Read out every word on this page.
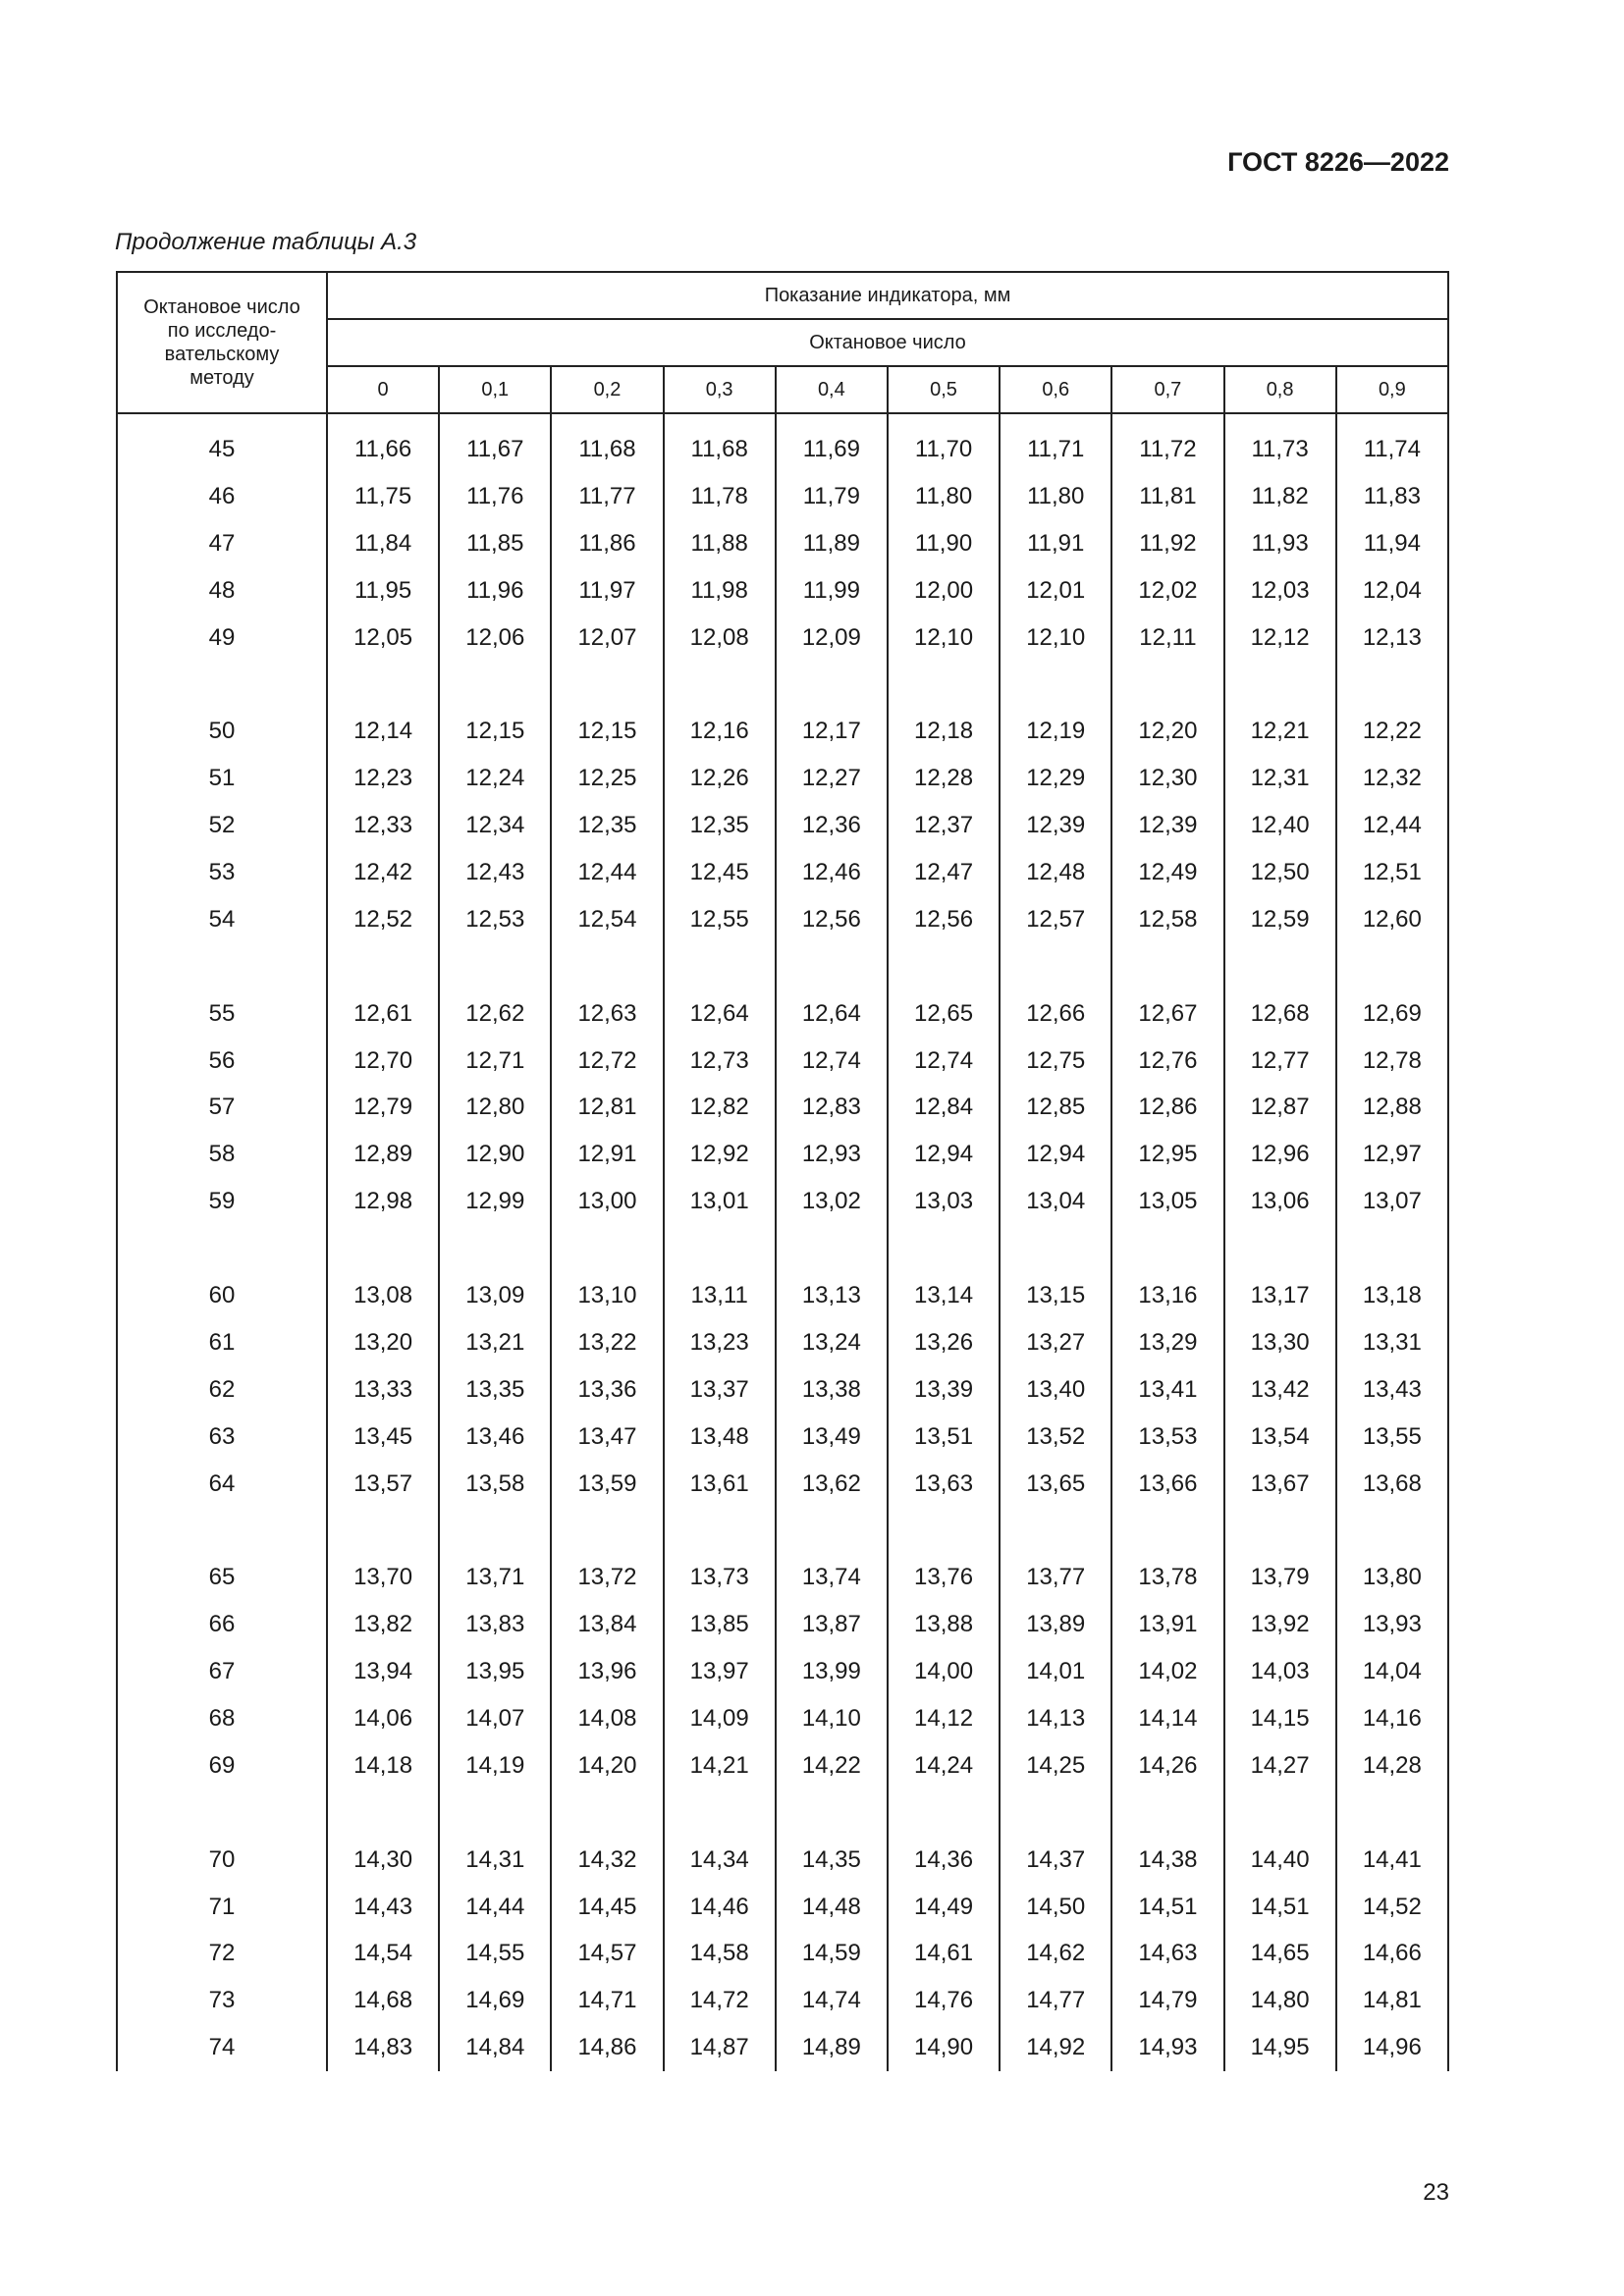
ГОСТ 8226—2022
Продолжение таблицы А.3
Октановое число
по исследо-
вательскому
методу	Показание индикатора, мм									
	Октановое число									
	0	0,1	0,2	0,3	0,4	0,5	0,6	0,7	0,8	0,9
45	11,66	11,67	11,68	11,68	11,69	11,70	11,71	11,72	11,73	11,74
46	11,75	11,76	11,77	11,78	11,79	11,80	11,80	11,81	11,82	11,83
47	11,84	11,85	11,86	11,88	11,89	11,90	11,91	11,92	11,93	11,94
48	11,95	11,96	11,97	11,98	11,99	12,00	12,01	12,02	12,03	12,04
49	12,05	12,06	12,07	12,08	12,09	12,10	12,10	12,11	12,12	12,13

50	12,14	12,15	12,15	12,16	12,17	12,18	12,19	12,20	12,21	12,22
51	12,23	12,24	12,25	12,26	12,27	12,28	12,29	12,30	12,31	12,32
52	12,33	12,34	12,35	12,35	12,36	12,37	12,39	12,39	12,40	12,44
53	12,42	12,43	12,44	12,45	12,46	12,47	12,48	12,49	12,50	12,51
54	12,52	12,53	12,54	12,55	12,56	12,56	12,57	12,58	12,59	12,60

55	12,61	12,62	12,63	12,64	12,64	12,65	12,66	12,67	12,68	12,69
56	12,70	12,71	12,72	12,73	12,74	12,74	12,75	12,76	12,77	12,78
57	12,79	12,80	12,81	12,82	12,83	12,84	12,85	12,86	12,87	12,88
58	12,89	12,90	12,91	12,92	12,93	12,94	12,94	12,95	12,96	12,97
59	12,98	12,99	13,00	13,01	13,02	13,03	13,04	13,05	13,06	13,07

60	13,08	13,09	13,10	13,11	13,13	13,14	13,15	13,16	13,17	13,18
61	13,20	13,21	13,22	13,23	13,24	13,26	13,27	13,29	13,30	13,31
62	13,33	13,35	13,36	13,37	13,38	13,39	13,40	13,41	13,42	13,43
63	13,45	13,46	13,47	13,48	13,49	13,51	13,52	13,53	13,54	13,55
64	13,57	13,58	13,59	13,61	13,62	13,63	13,65	13,66	13,67	13,68

65	13,70	13,71	13,72	13,73	13,74	13,76	13,77	13,78	13,79	13,80
66	13,82	13,83	13,84	13,85	13,87	13,88	13,89	13,91	13,92	13,93
67	13,94	13,95	13,96	13,97	13,99	14,00	14,01	14,02	14,03	14,04
68	14,06	14,07	14,08	14,09	14,10	14,12	14,13	14,14	14,15	14,16
69	14,18	14,19	14,20	14,21	14,22	14,24	14,25	14,26	14,27	14,28

70	14,30	14,31	14,32	14,34	14,35	14,36	14,37	14,38	14,40	14,41
71	14,43	14,44	14,45	14,46	14,48	14,49	14,50	14,51	14,51	14,52
72	14,54	14,55	14,57	14,58	14,59	14,61	14,62	14,63	14,65	14,66
73	14,68	14,69	14,71	14,72	14,74	14,76	14,77	14,79	14,80	14,81
74	14,83	14,84	14,86	14,87	14,89	14,90	14,92	14,93	14,95	14,96
23
